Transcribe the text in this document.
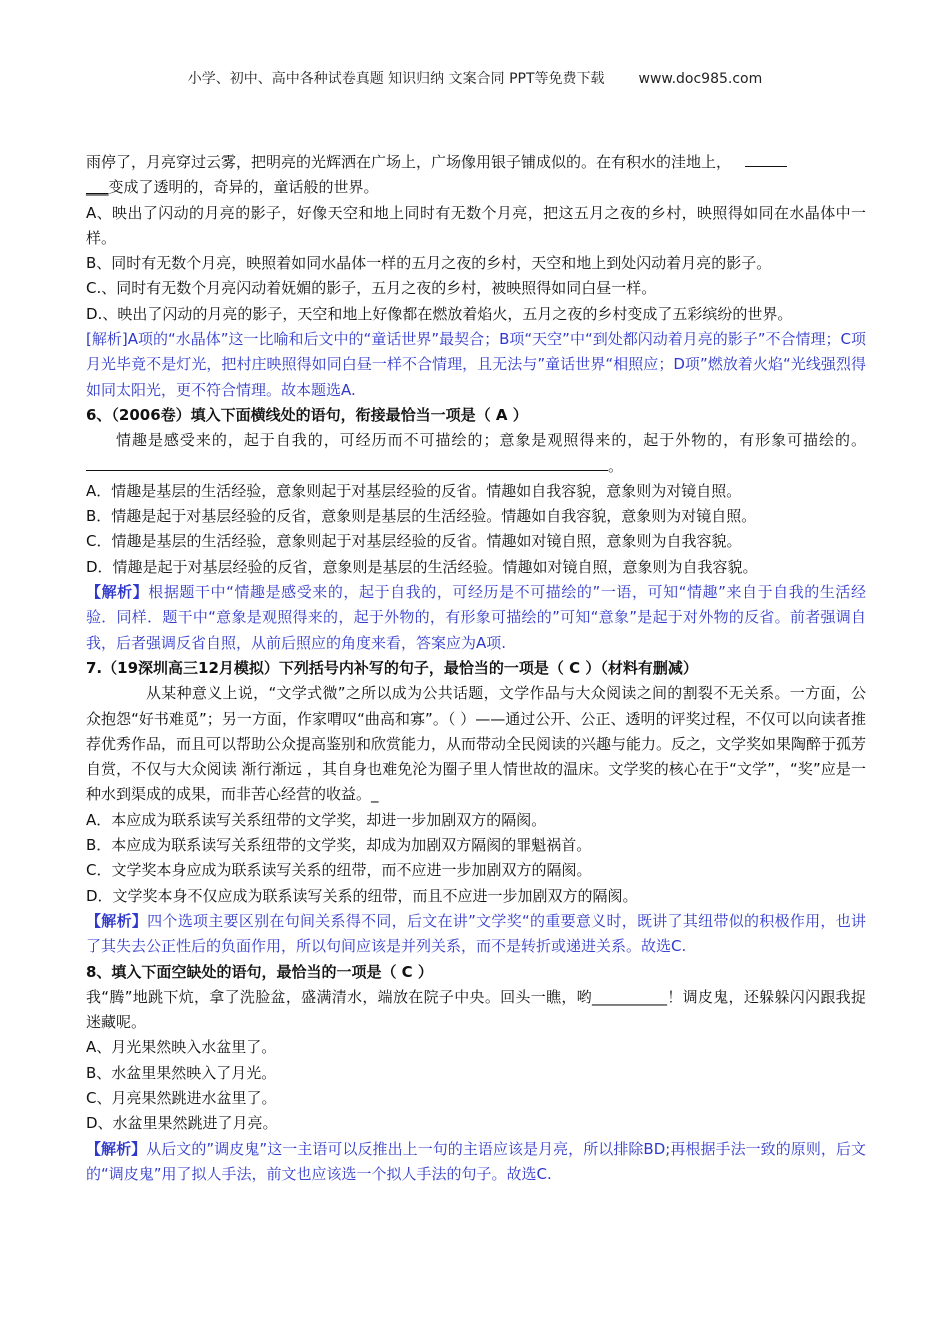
小学、初中、高中各种试卷真题 知识归纳 文案合同 PPT等免费下载 www.doc985.com

雨停了，月亮穿过云雾，把明亮的光辉洒在广场上，广场像用银子铺成似的。在有积水的洼地上，
___变成了透明的，奇异的，童话般的世界。

A、映出了闪动的月亮的影子，好像天空和地上同时有无数个月亮，把这五月之夜的乡村，映照得如同在水晶体中一样。

B、同时有无数个月亮，映照着如同水晶体一样的五月之夜的乡村，天空和地上到处闪动着月亮的影子。

C.、同时有无数个月亮闪动着妩媚的影子，五月之夜的乡村，被映照得如同白昼一样。

D.、映出了闪动的月亮的影子，天空和地上好像都在燃放着焰火，五月之夜的乡村变成了五彩缤纷的世界。

[解析]A项的“水晶体”这一比喻和后文中的“童话世界”最契合；B项“天空”中“到处都闪动着月亮的影子”不合情理；C项月光毕竟不是灯光，把村庄映照得如同白昼一样不合情理，且无法与”童话世界“相照应；D项”燃放着火焰“光线强烈得如同太阳光，更不符合情理。故本题选A.

6、（2006卷）填入下面横线处的语句，衔接最恰当一项是（ A ）

情趣是感受来的，起于自我的，可经历而不可描绘的；意象是观照得来的，起于外物的，有形象可描绘的。。

A．情趣是基层的生活经验，意象则起于对基层经验的反省。情趣如自我容貌，意象则为对镜自照。

B．情趣是起于对基层经验的反省，意象则是基层的生活经验。情趣如自我容貌，意象则为对镜自照。

C．情趣是基层的生活经验，意象则起于对基层经验的反省。情趣如对镜自照，意象则为自我容貌。

D．情趣是起于对基层经验的反省，意象则是基层的生活经验。情趣如对镜自照，意象则为自我容貌。

【解析】根据题干中“情趣是感受来的，起于自我的，可经历是不可描绘的”一语，可知“情趣”来自于自我的生活经验．同样．题干中“意象是观照得来的，起于外物的，有形象可描绘的”可知“意象”是起于对外物的反省。前者强调自我，后者强调反省自照，从前后照应的角度来看，答案应为A项.

7.（19深圳高三12月模拟）下列括号内补写的句子，最恰当的一项是（ C ）（材料有删减）

从某种意义上说，“文学式微”之所以成为公共话题，文学作品与大众阅读之间的割裂不无关系。一方面，公众抱怨“好书难觅”；另一方面，作家喟叹“曲高和寡”。（ ）——通过公开、公正、透明的评奖过程，不仅可以向读者推荐优秀作品，而且可以帮助公众提高鉴别和欣赏能力，从而带动全民阅读的兴趣与能力。反之，文学奖如果陶醉于孤芳自赏，不仅与大众阅读 渐行渐远 ，其自身也难免沦为圈子里人情世故的温床。文学奖的核心在于“文学”，“奖”应是一种水到渠成的成果，而非苦心经营的收益。_

A．本应成为联系读写关系纽带的文学奖，却进一步加剧双方的隔阂。

B．本应成为联系读写关系纽带的文学奖，却成为加剧双方隔阂的罪魁祸首。

C．文学奖本身应成为联系读写关系的纽带，而不应进一步加剧双方的隔阂。

D．文学奖本身不仅应成为联系读写关系的纽带，而且不应进一步加剧双方的隔阂。

【解析】四个选项主要区别在句间关系得不同，后文在讲”文学奖“的重要意义时，既讲了其纽带似的积极作用，也讲了其失去公正性后的负面作用，所以句间应该是并列关系，而不是转折或递进关系。故选C.

8、填入下面空缺处的语句，最恰当的一项是（ C ）

我“腾”地跳下炕，拿了洗脸盆，盛满清水，端放在院子中央。回头一瞧，哟__________！调皮鬼，还躲躲闪闪跟我捉迷藏呢。

A、月光果然映入水盆里了。

B、水盆里果然映入了月光。

C、月亮果然跳进水盆里了。

D、水盆里果然跳进了月亮。

【解析】从后文的”调皮鬼”这一主语可以反推出上一句的主语应该是月亮，所以排除BD;再根据手法一致的原则，后文的“调皮鬼”用了拟人手法，前文也应该选一个拟人手法的句子。故选C.
